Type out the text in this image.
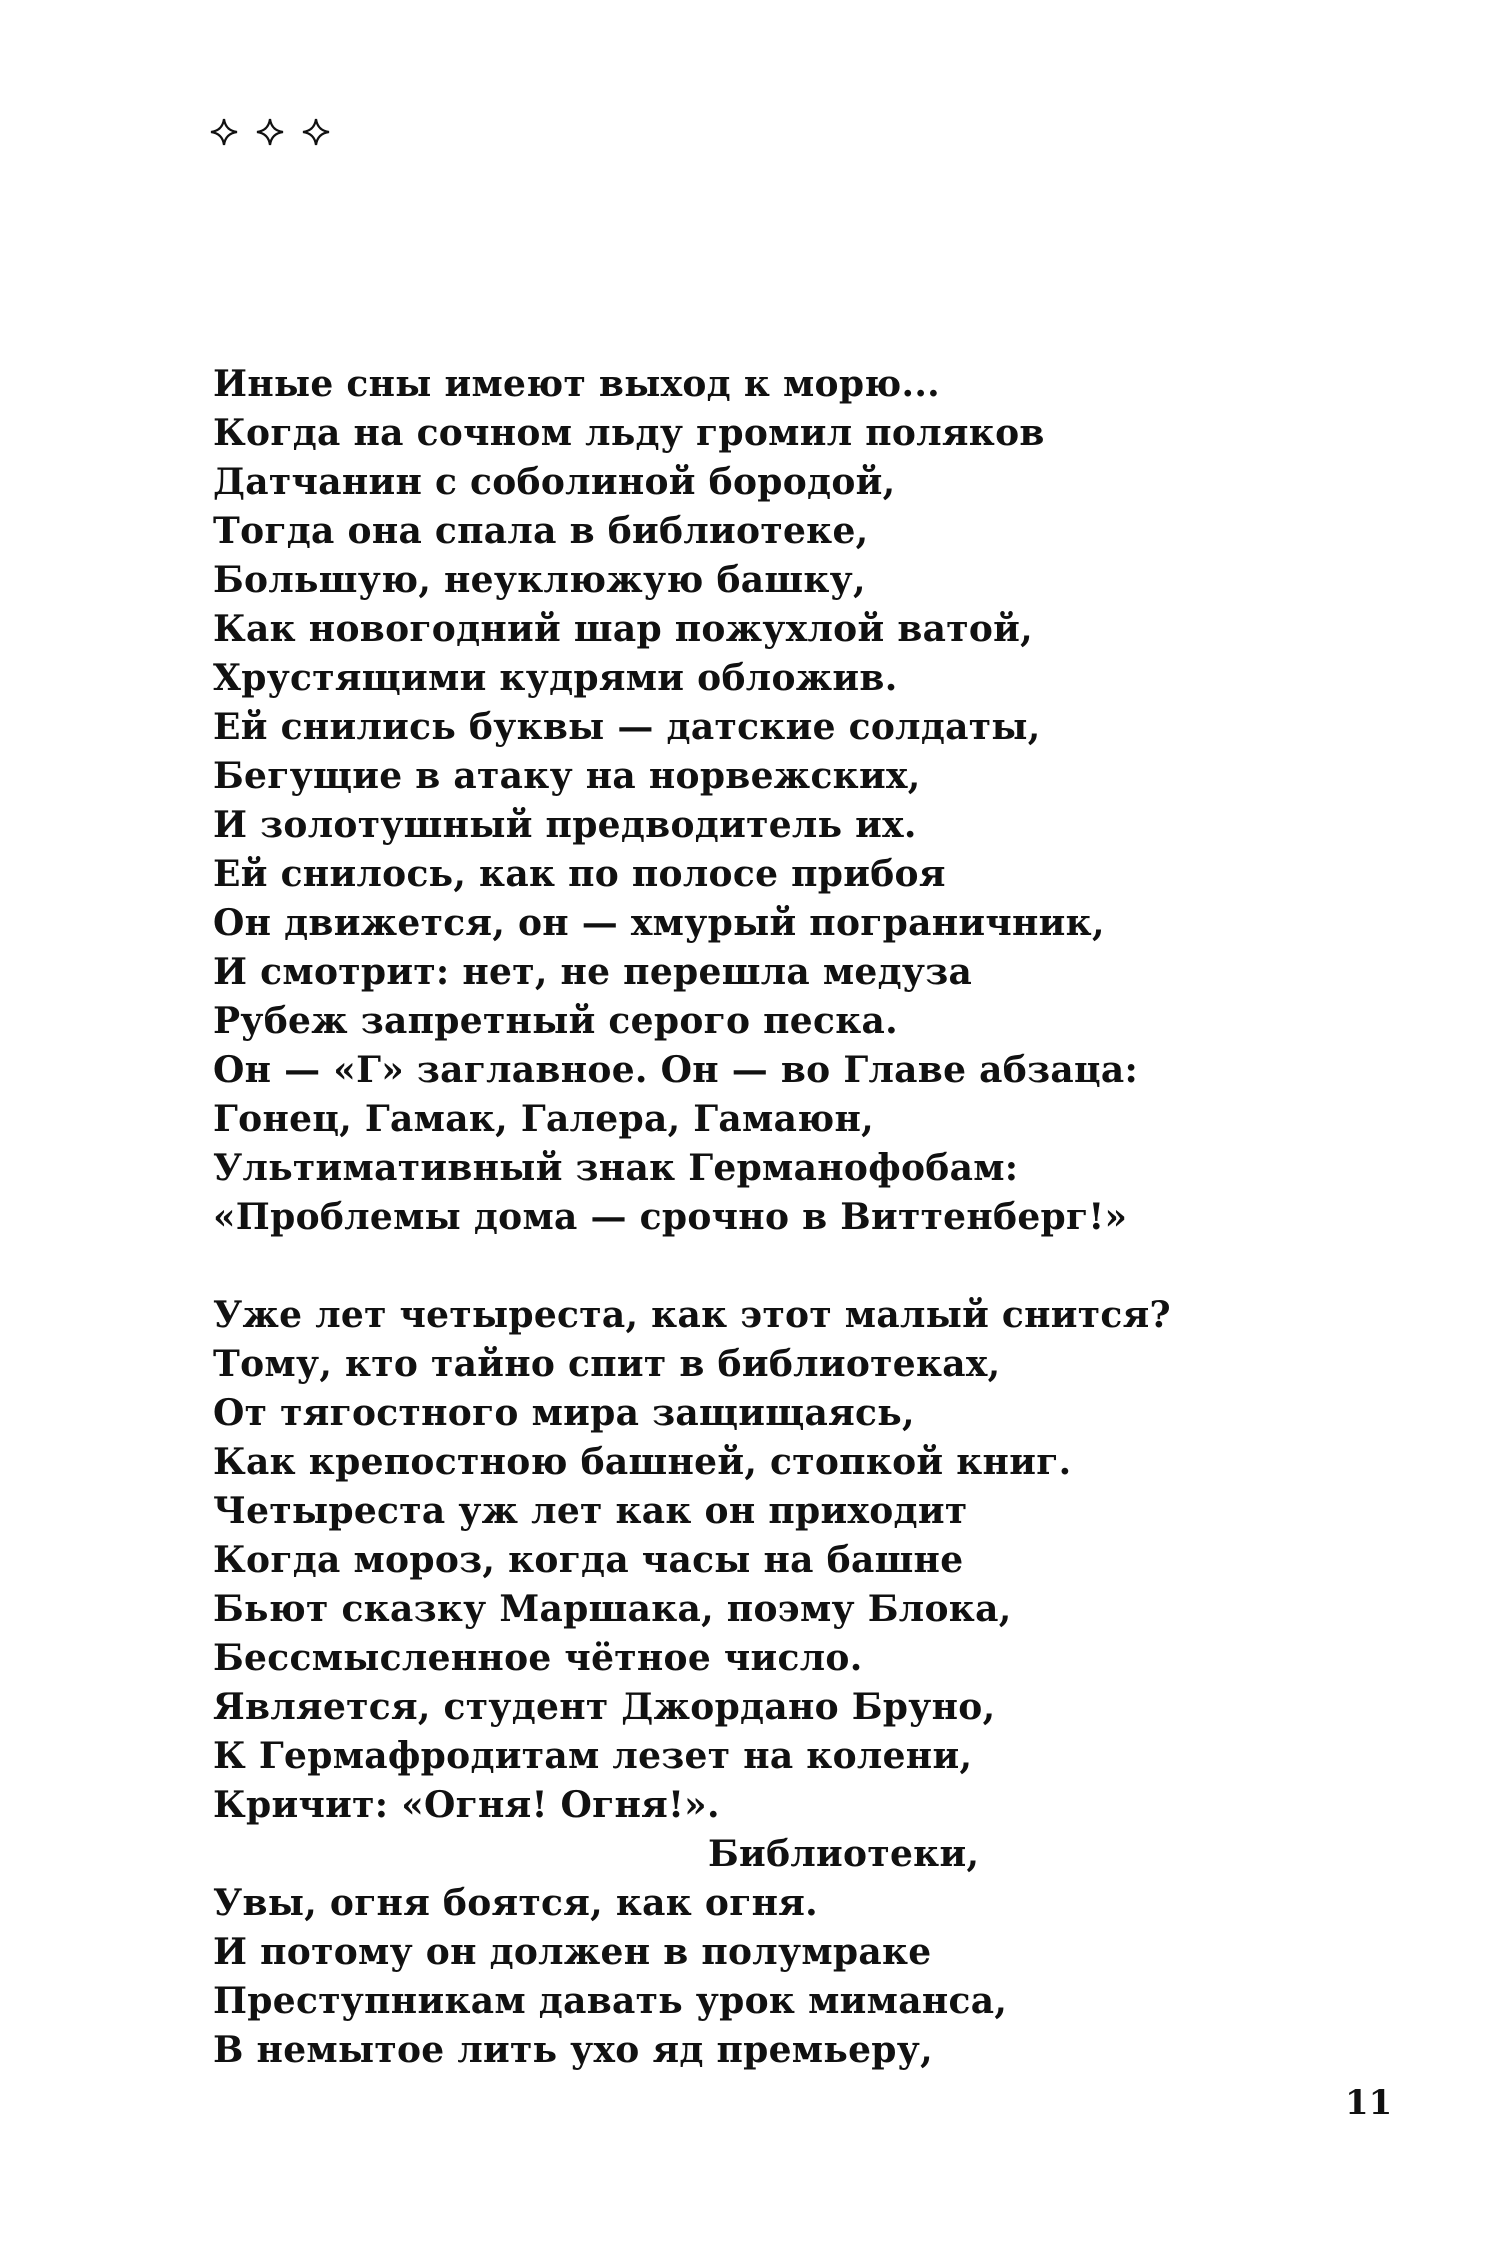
Иные сны имеют выход к морю...
Когда на сочном льду громил поляков
Датчанин с соболиной бородой,
Тогда она спала в библиотеке,
Большую, неуклюжую башку,
Как новогодний шар пожухлой ватой,
Хрустящими кудрями обложив.
Ей снились буквы — датские солдаты,
Бегущие в атаку на норвежских,
И золотушный предводитель их.
Ей снилось, как по полосе прибоя
Он движется, он — хмурый пограничник,
И смотрит: нет, не перешла медуза
Рубеж запретный серого песка.
Он — «Г» заглавное. Он — во Главе абзаца:
Гонец, Гамак, Галера, Гамаюн,
Ультимативный знак Германофобам:
«Проблемы дома — срочно в Виттенберг!»
Уже лет четыреста, как этот малый снится?
Тому, кто тайно спит в библиотеках,
От тягостного мира защищаясь,
Как крепостною башней, стопкой книг.
Четыреста уж лет как он приходит
Когда мороз, когда часы на башне
Бьют сказку Маршака, поэму Блока,
Бессмысленное чётное число.
Является, студент Джордано Бруно,
К Гермафродитам лезет на колени,
Кричит: «Огня! Огня!».
Библиотеки,
Увы, огня боятся, как огня.
И потому он должен в полумраке
Преступникам давать урок миманса,
В немытое лить ухо яд премьеру,
11
